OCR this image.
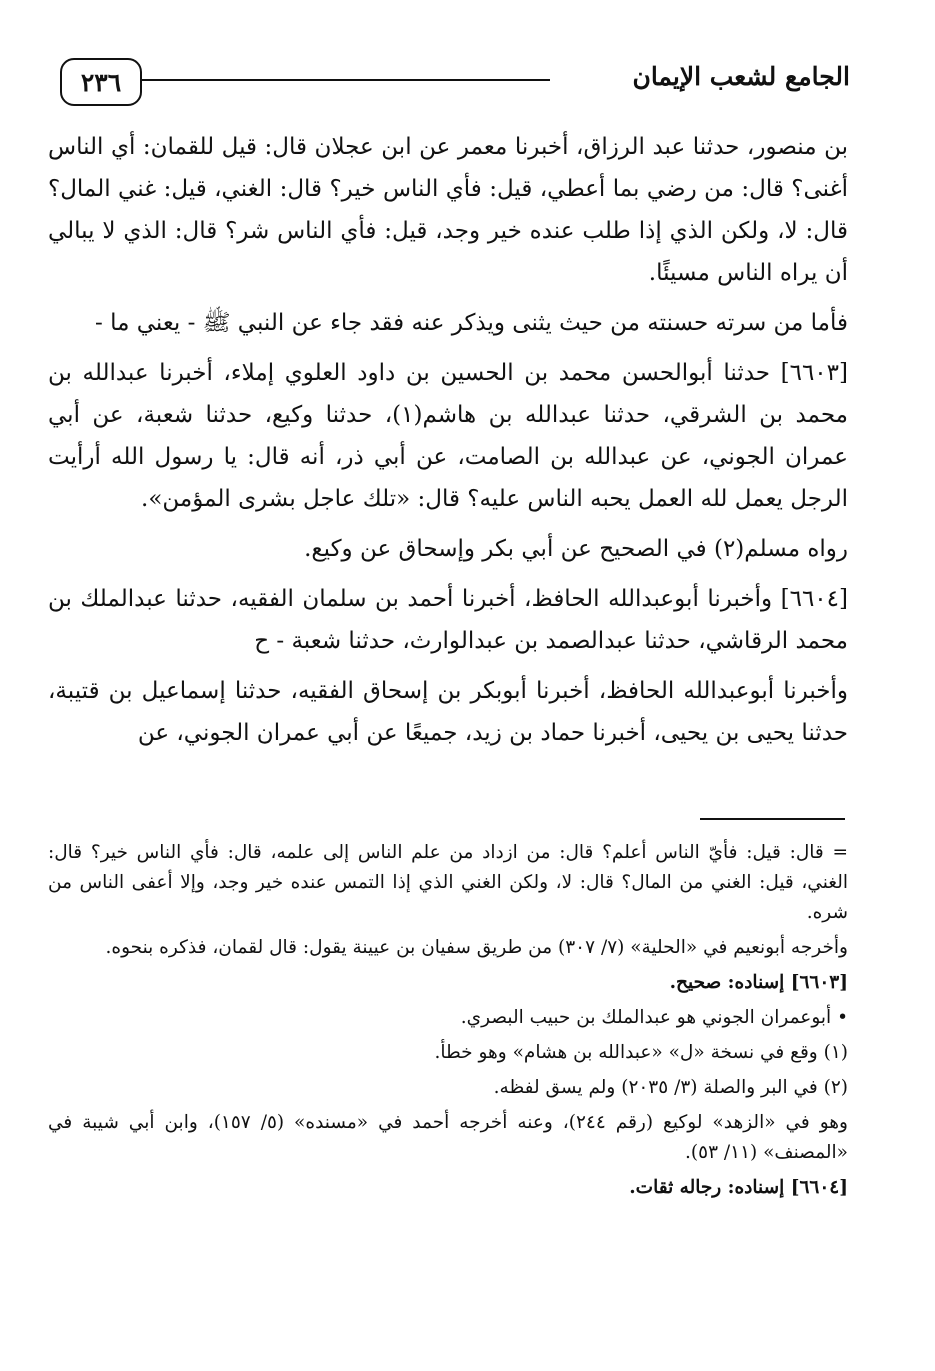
٢٣٦	الجامع لشعب الإيمان

بن منصور، حدثنا عبد الرزاق، أخبرنا معمر عن ابن عجلان قال: قيل للقمان: أي الناس أغنى؟ قال: من رضي بما أعطي، قيل: فأي الناس خير؟ قال: الغني، قيل: غني المال؟ قال: لا، ولكن الذي إذا طلب عنده خير وجد، قيل: فأي الناس شر؟ قال: الذي لا يبالي أن يراه الناس مسيئًا.

فأما من سرته حسنته من حيث يثنى ويذكر عنه فقد جاء عن النبي ﷺ - يعني ما -

[٦٦٠٣] حدثنا أبوالحسن محمد بن الحسين بن داود العلوي إملاء، أخبرنا عبدالله بن محمد بن الشرقي، حدثنا عبدالله بن هاشم(١)، حدثنا وكيع، حدثنا شعبة، عن أبي عمران الجوني، عن عبدالله بن الصامت، عن أبي ذر، أنه قال: يا رسول الله أرأيت الرجل يعمل لله العمل يحبه الناس عليه؟ قال: «تلك عاجل بشرى المؤمن».

رواه مسلم(٢) في الصحيح عن أبي بكر وإسحاق عن وكيع.

[٦٦٠٤] وأخبرنا أبوعبدالله الحافظ، أخبرنا أحمد بن سلمان الفقيه، حدثنا عبدالملك بن محمد الرقاشي، حدثنا عبدالصمد بن عبدالوارث، حدثنا شعبة - ح

وأخبرنا أبوعبدالله الحافظ، أخبرنا أبوبكر بن إسحاق الفقيه، حدثنا إسماعيل بن قتيبة، حدثنا يحيى بن يحيى، أخبرنا حماد بن زيد، جميعًا عن أبي عمران الجوني، عن

= قال: قيل: فأيّ الناس أعلم؟ قال: من ازداد من علم الناس إلى علمه، قال: فأي الناس خير؟ قال: الغني، قيل: الغني من المال؟ قال: لا، ولكن الغني الذي إذا التمس عنده خير وجد، وإلا أعفى الناس من شره.

وأخرجه أبونعيم في «الحلية» (٧/ ٣٠٧) من طريق سفيان بن عيينة يقول: قال لقمان، فذكره بنحوه.

[٦٦٠٣] إسناده: صحيح.

• أبوعمران الجوني هو عبدالملك بن حبيب البصري.

(١) وقع في نسخة «ل» «عبدالله بن هشام» وهو خطأ.

(٢) في البر والصلة (٣/ ٢٠٣٥) ولم يسق لفظه.

وهو في «الزهد» لوكيع (رقم ٢٤٤)، وعنه أخرجه أحمد في «مسنده» (٥/ ١٥٧)، وابن أبي شيبة في «المصنف» (١١/ ٥٣).

[٦٦٠٤] إسناده: رجاله ثقات.
